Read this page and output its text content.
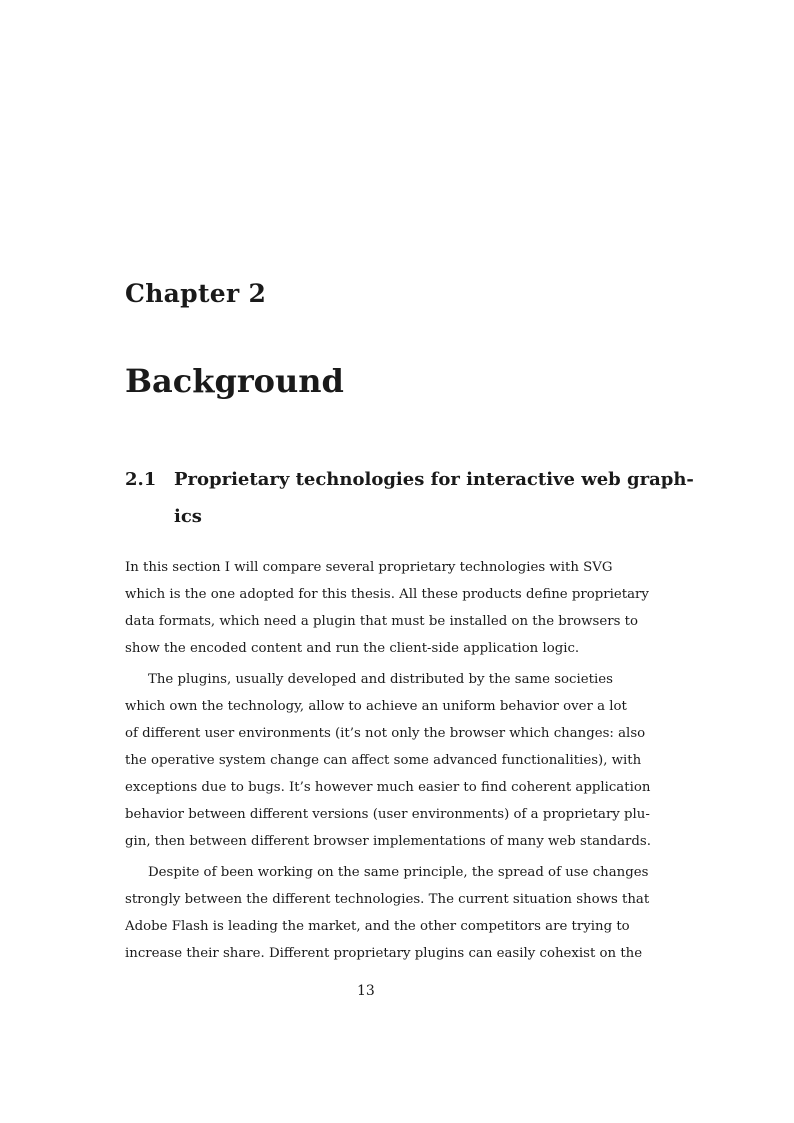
Chapter 2
Background
2.1 Proprietary technologies for interactive web graph-
ics
In this section I will compare several proprietary technologies with SVG
which is the one adopted for this thesis. All these products define proprietary
data formats, which need a plugin that must be installed on the browsers to
show the encoded content and run the client-side application logic.
The plugins, usually developed and distributed by the same societies
which own the technology, allow to achieve an uniform behavior over a lot
of different user environments (it’s not only the browser which changes: also
the operative system change can affect some advanced functionalities), with
exceptions due to bugs. It’s however much easier to find coherent application
behavior between different versions (user environments) of a proprietary plu-
gin, then between different browser implementations of many web standards.
Despite of been working on the same principle, the spread of use changes
strongly between the different technologies. The current situation shows that
Adobe Flash is leading the market, and the other competitors are trying to
increase their share. Different proprietary plugins can easily cohexist on the
13
